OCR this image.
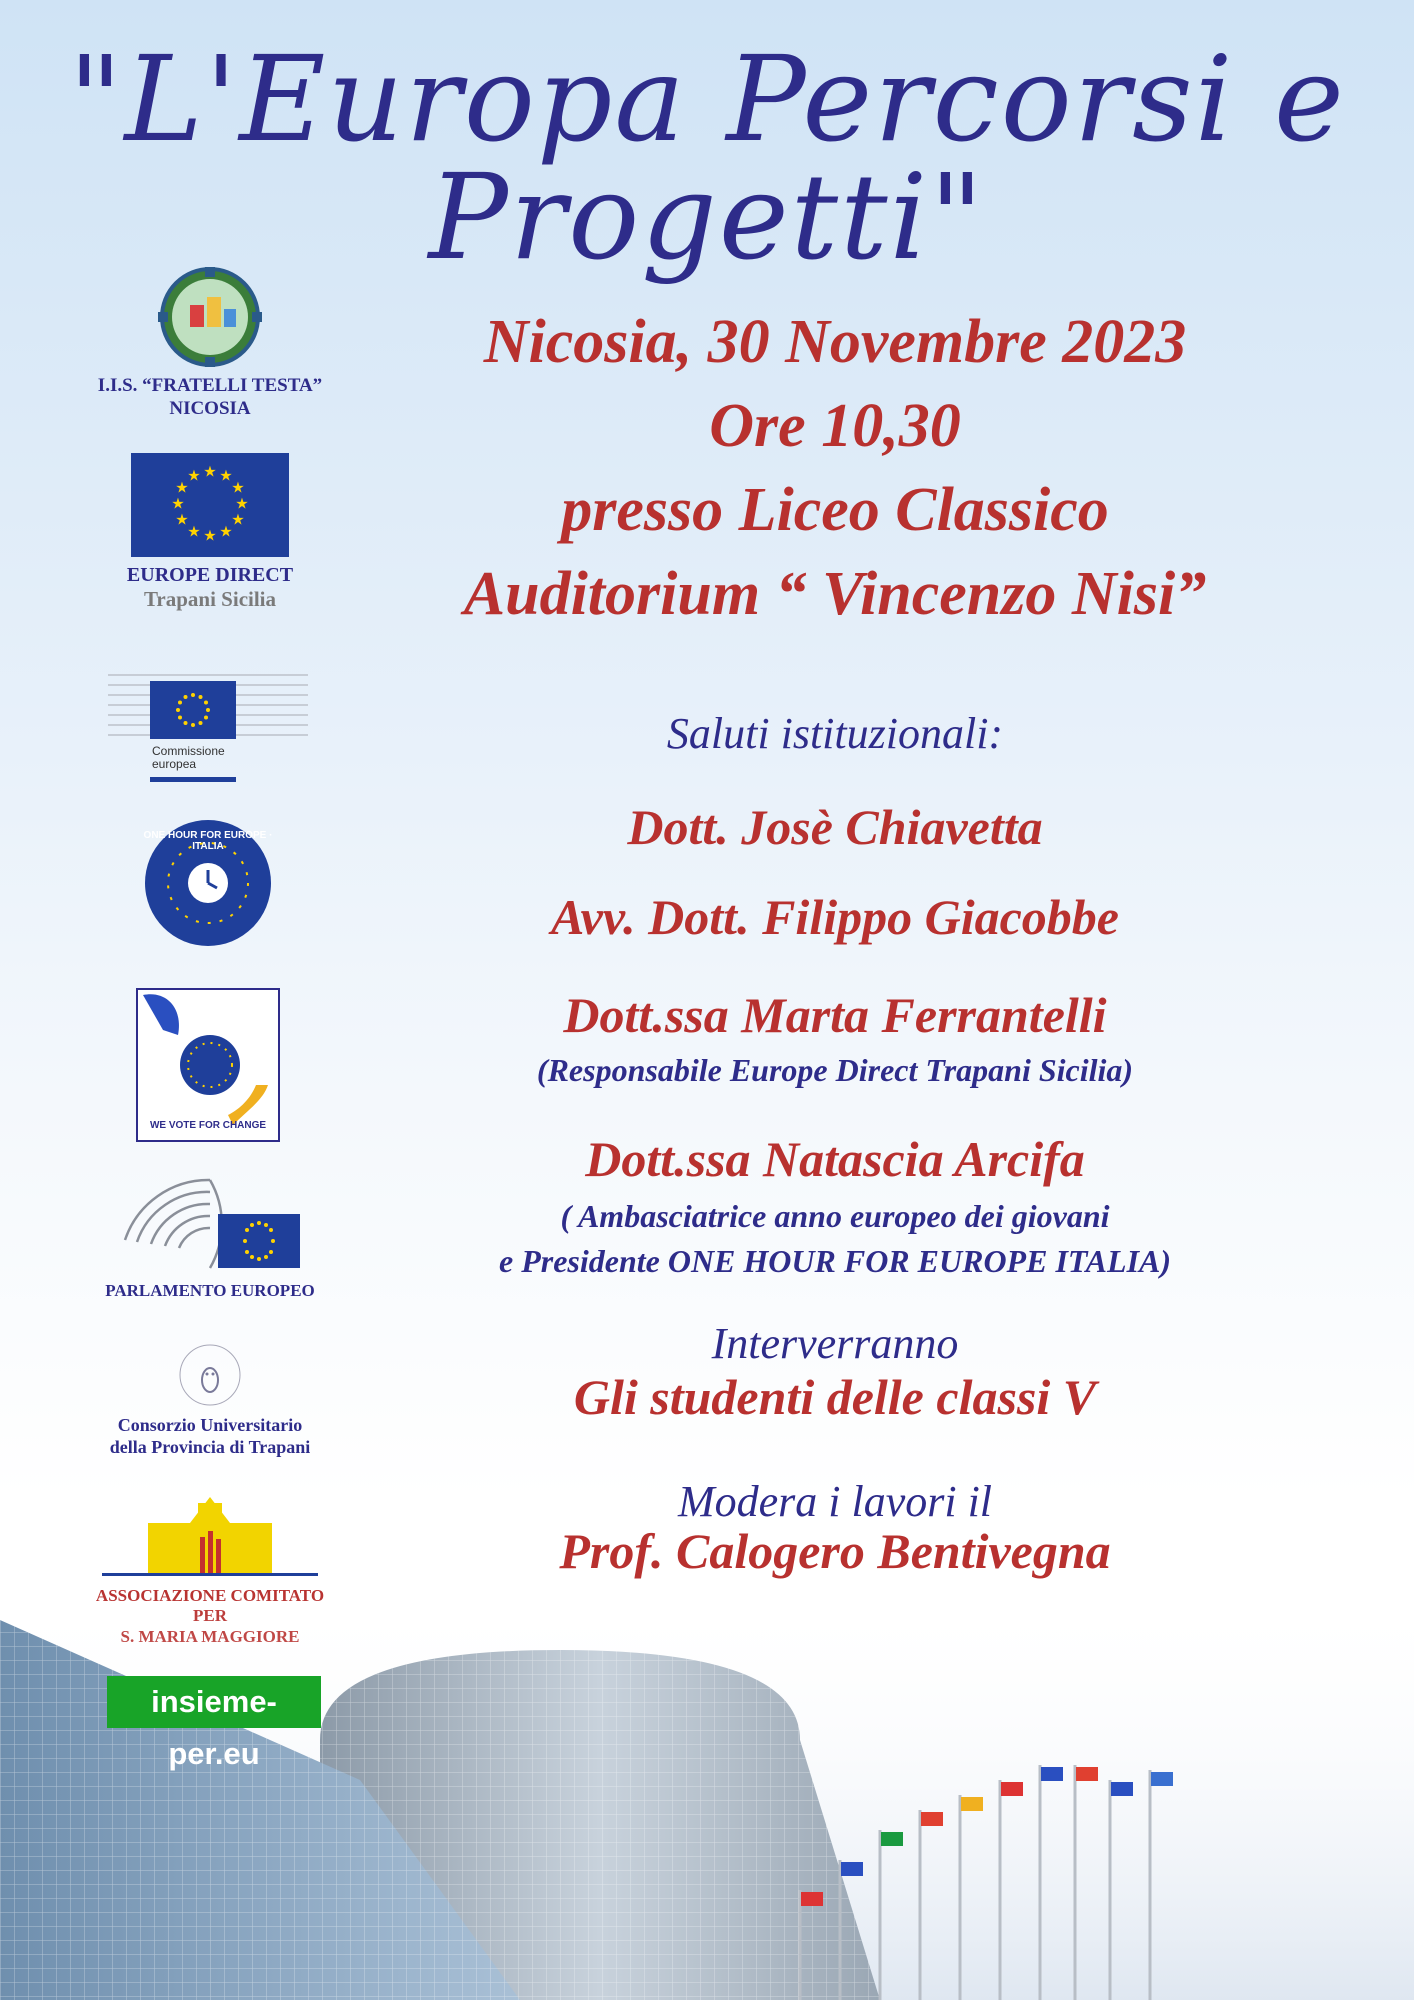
"L'Europa Percorsi e Progetti"
Nicosia, 30 Novembre 2023
Ore 10,30
presso Liceo Classico
Auditorium “ Vincenzo Nisi”
Saluti istituzionali:
Dott. Josè Chiavetta
Avv. Dott. Filippo Giacobbe
Dott.ssa Marta Ferrantelli
(Responsabile Europe Direct Trapani Sicilia)
Dott.ssa Natascia Arcifa
( Ambasciatrice anno europeo dei giovani
e Presidente ONE HOUR FOR EUROPE ITALIA)
Interverranno
Gli studenti delle classi V
Modera i lavori il
Prof. Calogero Bentivegna
I.I.S. “FRATELLI TESTA”
NICOSIA
★ ★
★
★
★
★
★
★
★
★
★
★
EUROPE DIRECT
Trapani Sicilia
Commissione
europea
ONE HOUR FOR EUROPE · ITALIA
WE VOTE FOR CHANGE
PARLAMENTO EUROPEO
Consorzio Universitario
della Provincia di Trapani
insieme-per.eu
